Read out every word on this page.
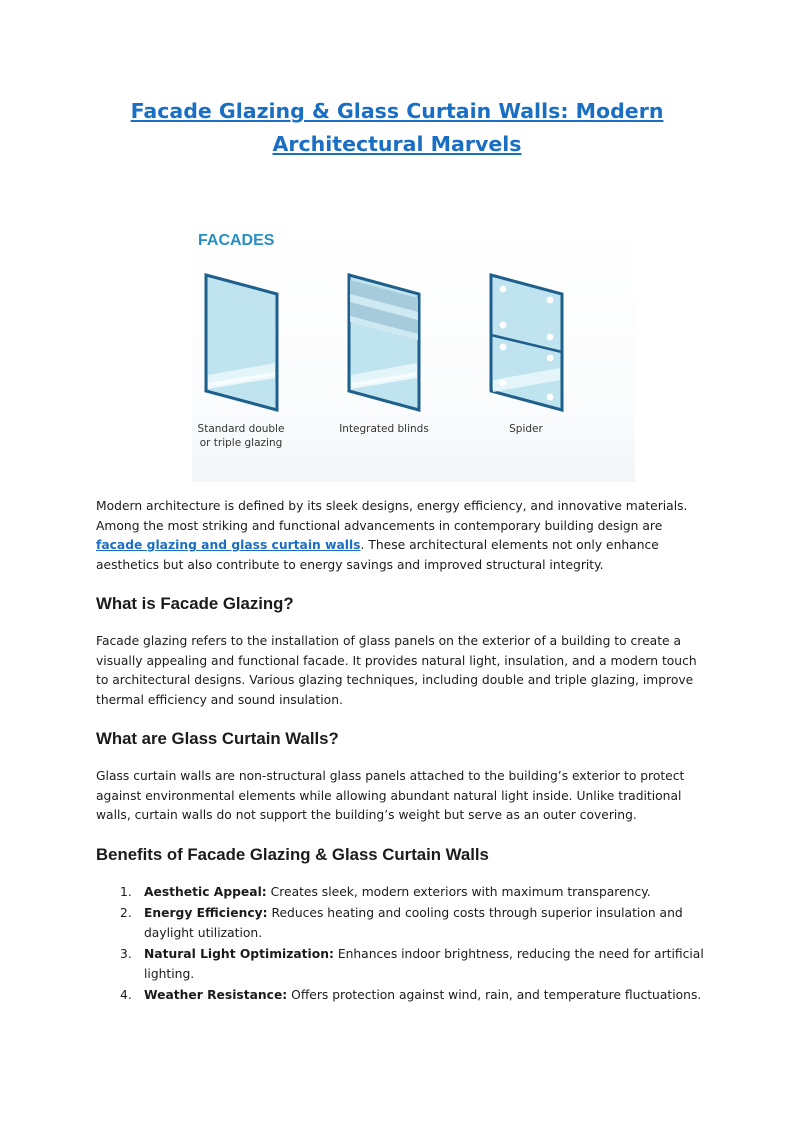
Facade Glazing & Glass Curtain Walls: Modern Architectural Marvels
FACADES
Standard double
or triple glazing
Integrated blinds	Spider

Modern architecture is defined by its sleek designs, energy efficiency, and innovative materials. Among the most striking and functional advancements in contemporary building design are facade glazing and glass curtain walls. These architectural elements not only enhance aesthetics but also contribute to energy savings and improved structural integrity.

What is Facade Glazing?

Facade glazing refers to the installation of glass panels on the exterior of a building to create a visually appealing and functional facade. It provides natural light, insulation, and a modern touch to architectural designs. Various glazing techniques, including double and triple glazing, improve thermal efficiency and sound insulation.

What are Glass Curtain Walls?

Glass curtain walls are non-structural glass panels attached to the building’s exterior to protect against environmental elements while allowing abundant natural light inside. Unlike traditional walls, curtain walls do not support the building’s weight but serve as an outer covering.

Benefits of Facade Glazing & Glass Curtain Walls
1. Aesthetic Appeal: Creates sleek, modern exteriors with maximum transparency.
2. Energy Efficiency: Reduces heating and cooling costs through superior insulation and daylight utilization.
3. Natural Light Optimization: Enhances indoor brightness, reducing the need for artificial lighting.
4. Weather Resistance: Offers protection against wind, rain, and temperature fluctuations.
